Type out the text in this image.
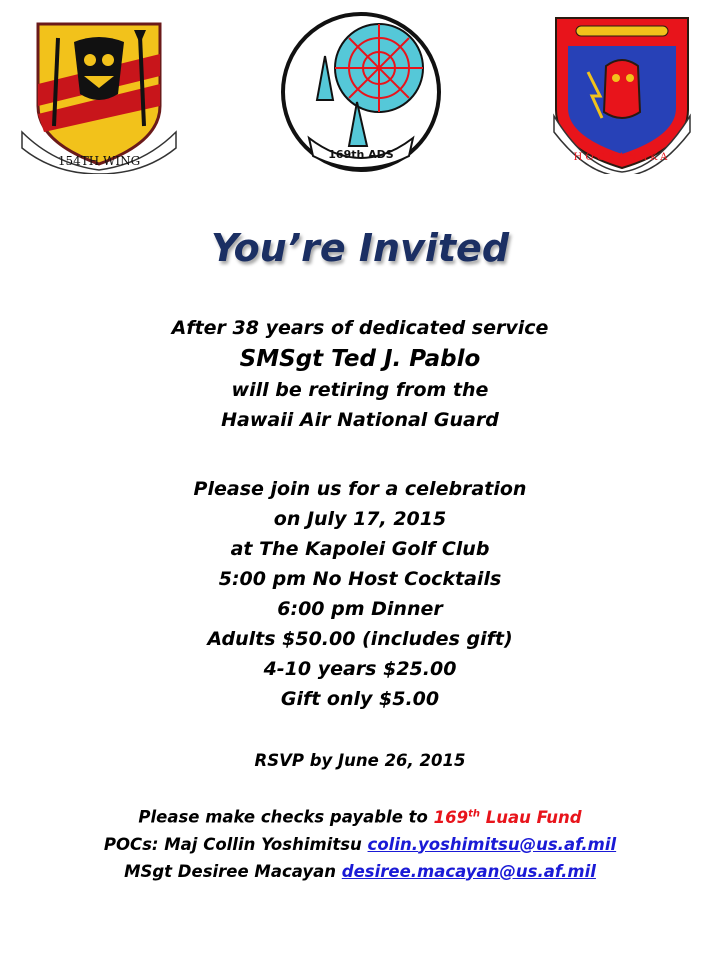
154TH WING	169th ADS	HOOKANAKA
You’re Invited
After 38 years of dedicated service
SMSgt Ted J. Pablo
will be retiring from the
Hawaii Air National Guard
Please join us for a celebration
on July 17, 2015
at The Kapolei Golf Club
5:00 pm No Host Cocktails
6:00 pm Dinner
Adults $50.00 (includes gift)
4-10 years $25.00
Gift only $5.00
RSVP by June 26, 2015
Please make checks payable to 169th Luau Fund
POCs: Maj Collin Yoshimitsu colin.yoshimitsu@us.af.mil
MSgt Desiree Macayan desiree.macayan@us.af.mil
